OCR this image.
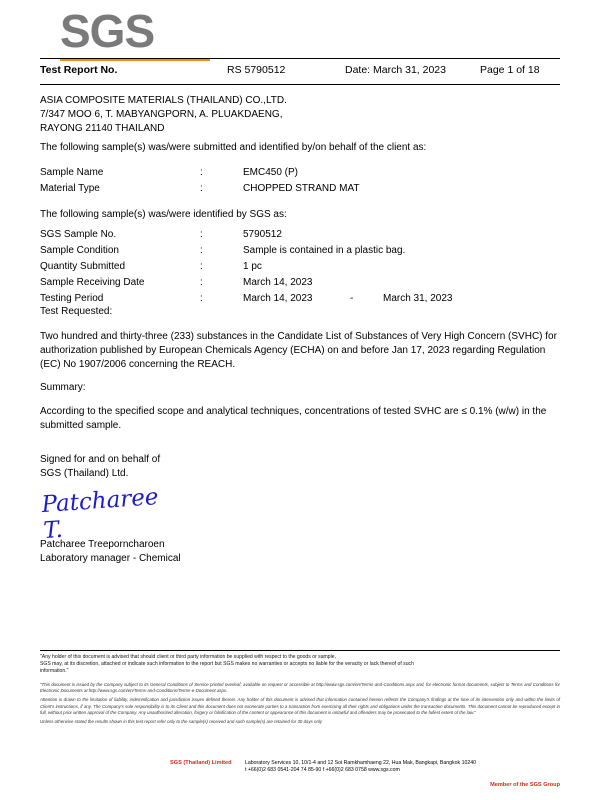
SGS
Test Report No.	RS 5790512	Date: March 31, 2023	Page 1 of 18
ASIA COMPOSITE MATERIALS (THAILAND) CO.,LTD.
7/347 MOO 6, T. MABYANGPORN, A. PLUAKDAENG,
RAYONG 21140 THAILAND
The following sample(s) was/were submitted and identified by/on behalf of the client as:
Sample Name	:	EMC450 (P)
Material Type	:	CHOPPED STRAND MAT
The following sample(s) was/were identified by SGS as:
SGS Sample No.	:	5790512
Sample Condition	:	Sample is contained in a plastic bag.
Quantity Submitted	:	1 pc
Sample Receiving Date	:	March 14, 2023
Testing Period	:	March 14, 2023	-	March 31, 2023
Test Requested:
Two hundred and thirty-three (233) substances in the Candidate List of Substances of Very High Concern (SVHC) for
authorization published by European Chemicals Agency (ECHA) on and before Jan 17, 2023 regarding Regulation
(EC) No 1907/2006 concerning the REACH.
Summary:
According to the specified scope and analytical techniques, concentrations of tested SVHC are ≤ 0.1% (w/w) in the
submitted sample.
Signed for and on behalf of
SGS (Thailand) Ltd.
Patcharee T.
Patcharee Treeporncharoen
Laboratory manager - Chemical
"Any holder of this document is advised that should client or third party information be supplied with respect to the goods or sample,
SGS may, at its discretion, attached or indicate such information to the report but SGS makes no warranties or accepts no liable for the veracity or lack thereof of such
information."

"This document is issued by the Company subject to its General Conditions of Service printed overleaf, available on request or accessible at http://www.sgs.com/en/Terms-and-Conditions.aspx and, for electronic format documents, subject to Terms and Conditions for Electronic Documents at http://www.sgs.com/en/Terms-and-Conditions/Terms-e-Document.aspx.

Attention is drawn to the limitation of liability, indemnification and jurisdiction issues defined therein. Any holder of this document is advised that information contained hereon reflects the Company's findings at the time of its intervention only and within the limits of Client's instructions, if any. The Company's sole responsibility is to its Client and this document does not exonerate parties to a transaction from exercising all their rights and obligations under the transaction documents. This document cannot be reproduced except in full, without prior written approval of the Company. Any unauthorized alteration, forgery or falsification of the content or appearance of this document is unlawful and offenders may be prosecuted to the fullest extent of the law."

Unless otherwise stated the results shown in this test report refer only to the sample(s) received and such sample(s) are retained for 30 days only

SGS (Thailand) Limited	Laboratory Services 10, 10/1-4 and 12 Soi Ramkhamhaeng 22, Hua Mak, Bangkapi, Bangkok 10240
t +66(0)2 683 0541-204 74 85-90 f +66(0)2 683 0758 www.sgs.com
Member of the SGS Group
